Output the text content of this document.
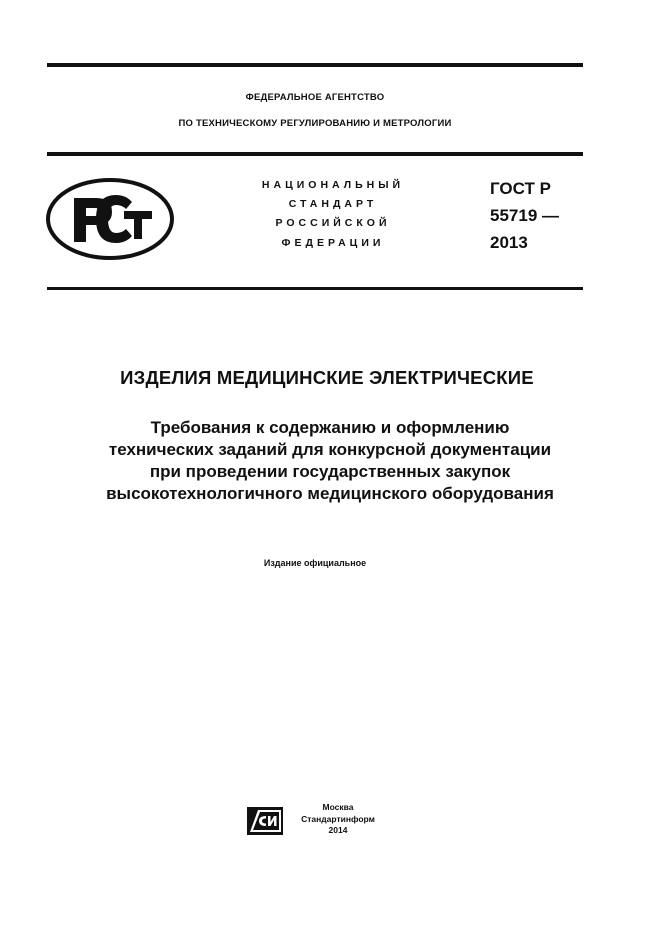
ФЕДЕРАЛЬНОЕ АГЕНТСТВО
ПО ТЕХНИЧЕСКОМУ РЕГУЛИРОВАНИЮ И МЕТРОЛОГИИ
НАЦИОНАЛЬНЫЙ
СТАНДАРТ
РОССИЙСКОЙ
ФЕДЕРАЦИИ
ГОСТ Р
55719 —
2013
ИЗДЕЛИЯ МЕДИЦИНСКИЕ ЭЛЕКТРИЧЕСКИЕ
Требования к содержанию и оформлению
технических заданий для конкурсной документации
при проведении государственных закупок
высокотехнологичного медицинского оборудования
Издание официальное
Москва
Стандартинформ
2014
